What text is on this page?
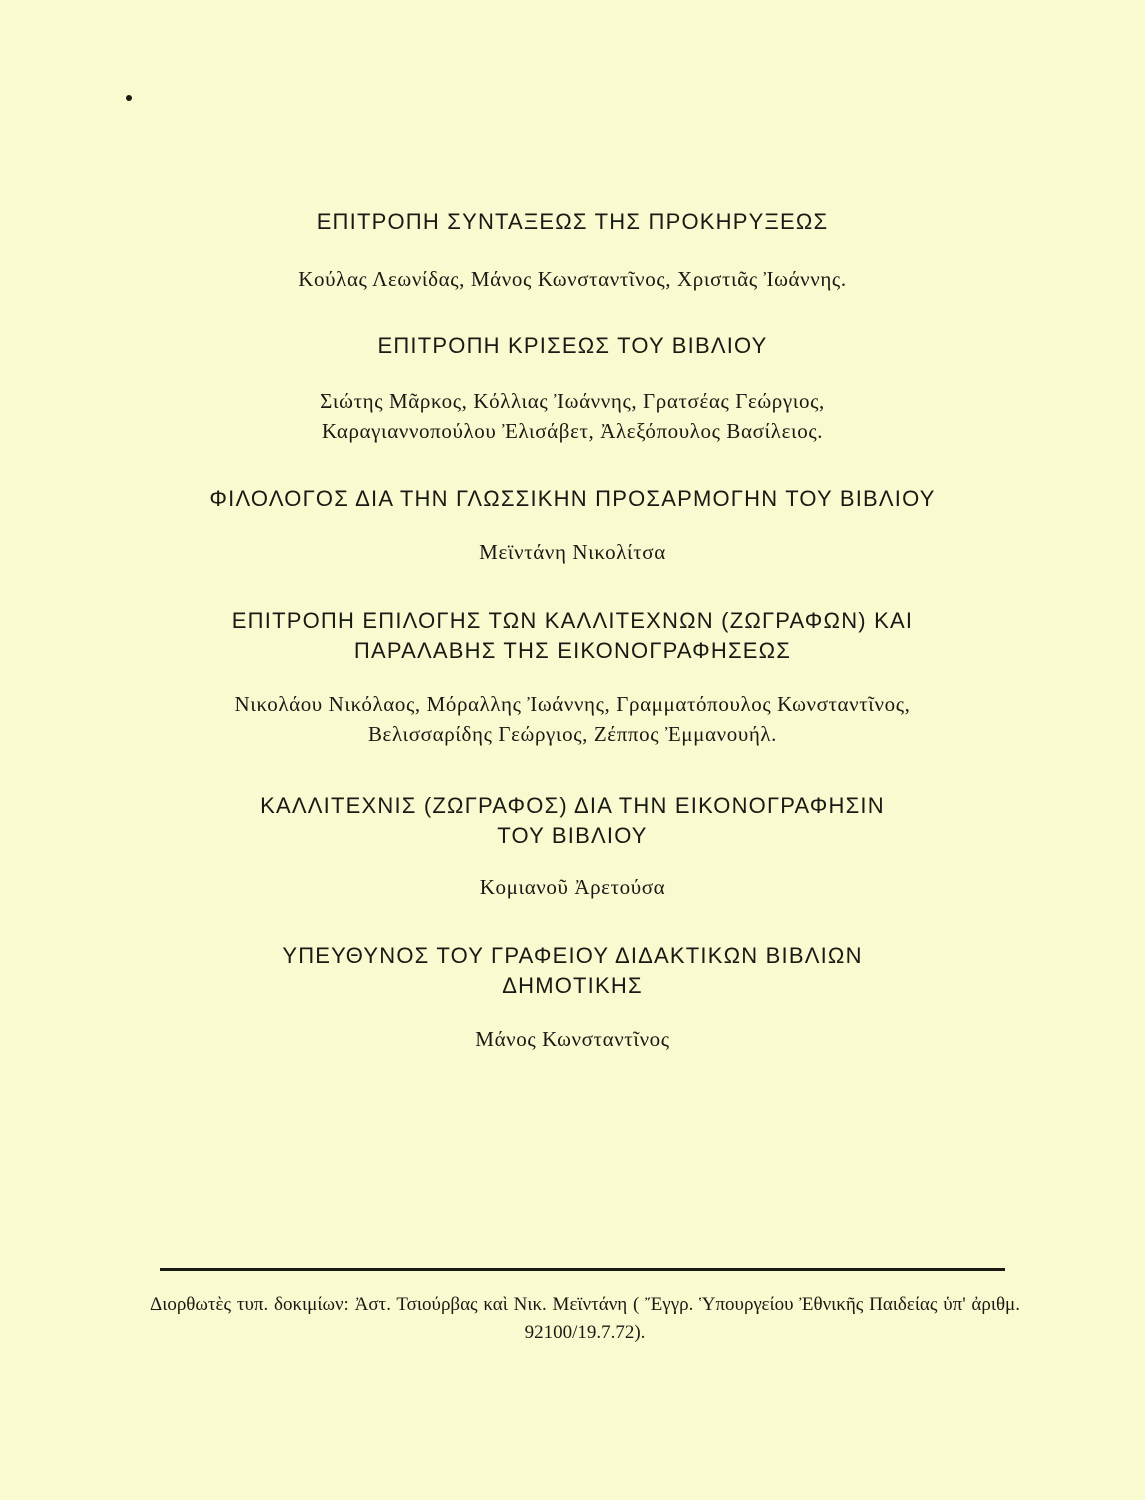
ΕΠΙΤΡΟΠΗ ΣΥΝΤΑΞΕΩΣ ΤΗΣ ΠΡΟΚΗΡΥΞΕΩΣ
Κούλας Λεωνίδας, Μάνος Κωνσταντῖνος, Χριστιᾶς Ἰωάννης.
ΕΠΙΤΡΟΠΗ ΚΡΙΣΕΩΣ ΤΟΥ ΒΙΒΛΙΟΥ
Σιώτης Μᾶρκος, Κόλλιας Ἰωάννης, Γρατσέας Γεώργιος,
Καραγιαννοπούλου Ἐλισάβετ, Ἀλεξόπουλος Βασίλειος.
ΦΙΛΟΛΟΓΟΣ ΔΙΑ ΤΗΝ ΓΛΩΣΣΙΚΗΝ ΠΡΟΣΑΡΜΟΓΗΝ ΤΟΥ ΒΙΒΛΙΟΥ
Μεϊντάνη Νικολίτσα
ΕΠΙΤΡΟΠΗ ΕΠΙΛΟΓΗΣ ΤΩΝ ΚΑΛΛΙΤΕΧΝΩΝ (ΖΩΓΡΑΦΩΝ) ΚΑΙ
ΠΑΡΑΛΑΒΗΣ ΤΗΣ ΕΙΚΟΝΟΓΡΑΦΗΣΕΩΣ
Νικολάου Νικόλαος, Μόραλλης Ἰωάννης, Γραμματόπουλος Κωνσταντῖνος,
Βελισσαρίδης Γεώργιος, Ζέππος Ἐμμανουήλ.
ΚΑΛΛΙΤΕΧΝΙΣ (ΖΩΓΡΑΦΟΣ) ΔΙΑ ΤΗΝ ΕΙΚΟΝΟΓΡΑΦΗΣΙΝ
ΤΟΥ ΒΙΒΛΙΟΥ
Κομιανοῦ Ἀρετούσα
ΥΠΕΥΘΥΝΟΣ ΤΟΥ ΓΡΑΦΕΙΟΥ ΔΙΔΑΚΤΙΚΩΝ ΒΙΒΛΙΩΝ
ΔΗΜΟΤΙΚΗΣ
Μάνος Κωνσταντῖνος
Διορθωτὲς τυπ. δοκιμίων: Ἀστ. Τσιούρβας καὶ Νικ. Μεϊντάνη ( Ἔγγρ. Ὑπουργείου Ἐθνικῆς Παιδείας ὑπ' ἀριθμ. 92100/19.7.72).
